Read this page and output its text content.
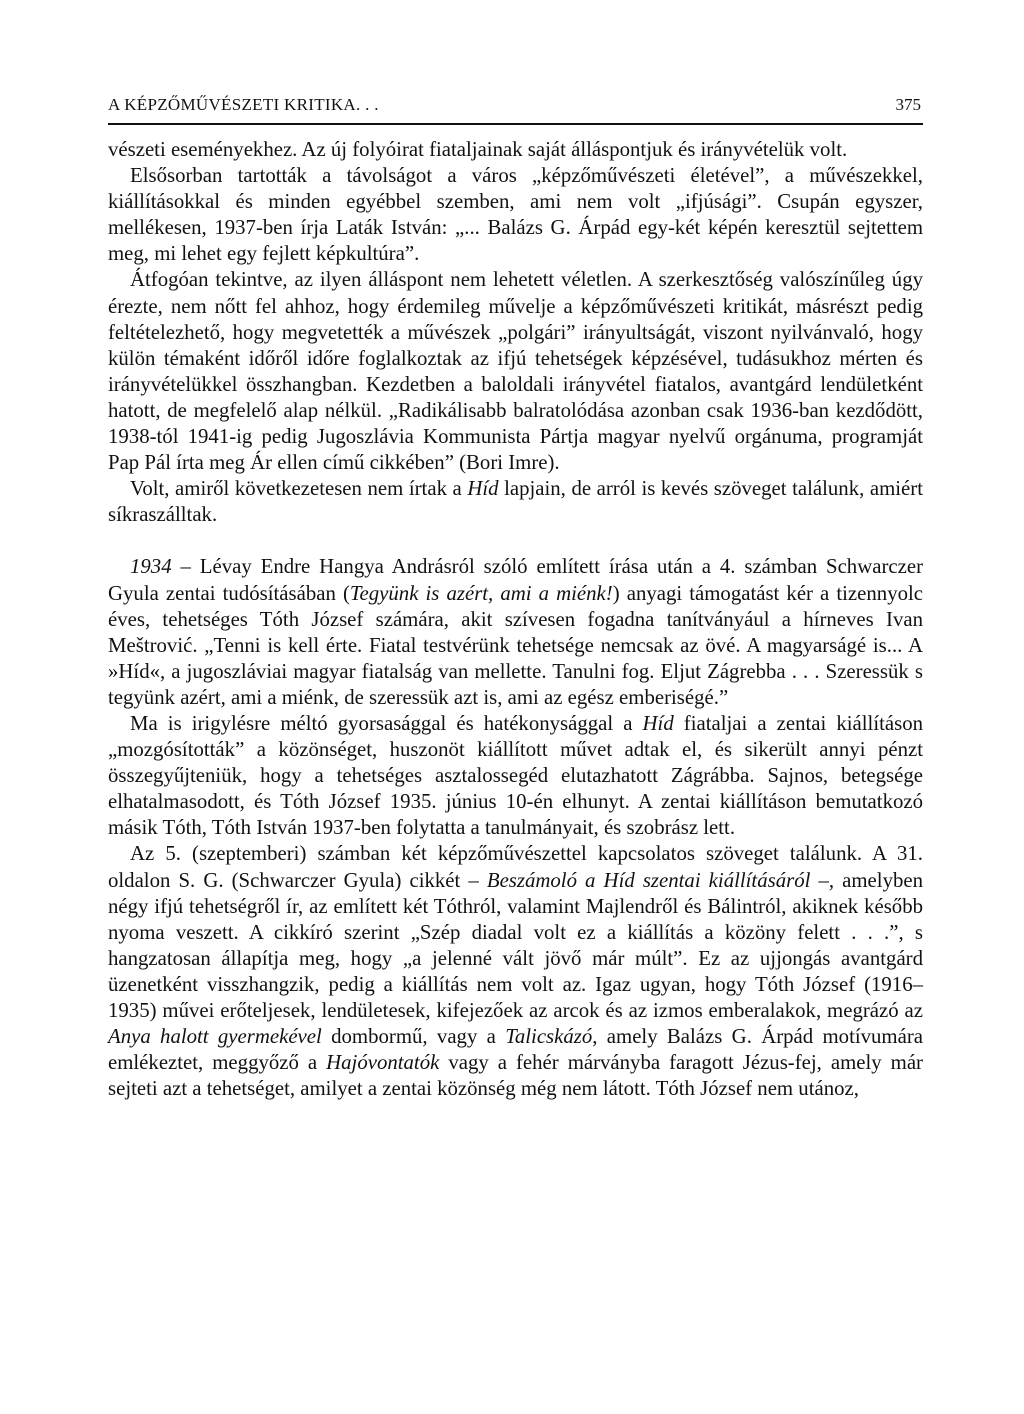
A KÉPZŐMŰVÉSZETI KRITIKA. . .	375

vészeti eseményekhez. Az új folyóirat fiataljainak saját álláspontjuk és irányvételük volt.

Elsősorban tartották a távolságot a város „képzőművészeti életével”, a művészekkel, kiállításokkal és minden egyébbel szemben, ami nem volt „ifjúsági”. Csupán egyszer, mellékesen, 1937-ben írja Laták István: „... Balázs G. Árpád egy-két képén keresztül sejtettem meg, mi lehet egy fejlett képkultúra”.

Átfogóan tekintve, az ilyen álláspont nem lehetett véletlen. A szerkesztőség valószínűleg úgy érezte, nem nőtt fel ahhoz, hogy érdemileg művelje a képzőművészeti kritikát, másrészt pedig feltételezhető, hogy megvetették a művészek „polgári” irányultságát, viszont nyilvánvaló, hogy külön témaként időről időre foglalkoztak az ifjú tehetségek képzésével, tudásukhoz mérten és irányvételükkel összhangban. Kezdetben a baloldali irányvétel fiatalos, avantgárd lendületként hatott, de megfelelő alap nélkül. „Radikálisabb balratolódása azonban csak 1936-ban kezdődött, 1938-tól 1941-ig pedig Jugoszlávia Kommunista Pártja magyar nyelvű orgánuma, programját Pap Pál írta meg Ár ellen című cikkében” (Bori Imre).

Volt, amiről következetesen nem írtak a Híd lapjain, de arról is kevés szöveget találunk, amiért síkraszálltak.

1934 – Lévay Endre Hangya Andrásról szóló említett írása után a 4. számban Schwarczer Gyula zentai tudósításában (Tegyünk is azért, ami a miénk!) anyagi támogatást kér a tizennyolc éves, tehetséges Tóth József számára, akit szívesen fogadna tanítványául a hírneves Ivan Meštrović. „Tenni is kell érte. Fiatal testvérünk tehetsége nemcsak az övé. A magyarságé is... A »Híd«, a jugoszláviai magyar fiatalság van mellette. Tanulni fog. Eljut Zágrebba . . . Szeressük s tegyünk azért, ami a miénk, de szeressük azt is, ami az egész emberiségé.”

Ma is irigylésre méltó gyorsasággal és hatékonysággal a Híd fiataljai a zentai kiállításon „mozgósították” a közönséget, huszonöt kiállított művet adtak el, és sikerült annyi pénzt összegyűjteniük, hogy a tehetséges asztalossegéd elutazhatott Zágrábba. Sajnos, betegsége elhatalmasodott, és Tóth József 1935. június 10-én elhunyt. A zentai kiállításon bemutatkozó másik Tóth, Tóth István 1937-ben folytatta a tanulmányait, és szobrász lett.

Az 5. (szeptemberi) számban két képzőművészettel kapcsolatos szöveget találunk. A 31. oldalon S. G. (Schwarczer Gyula) cikkét – Beszámoló a Híd szentai kiállításáról –, amelyben négy ifjú tehetségről ír, az említett két Tóthról, valamint Majlendről és Bálintról, akiknek később nyoma veszett. A cikkíró szerint „Szép diadal volt ez a kiállítás a közöny felett . . .”, s hangzatosan állapítja meg, hogy „a jelenné vált jövő már múlt”. Ez az ujjongás avantgárd üzenetként visszhangzik, pedig a kiállítás nem volt az. Igaz ugyan, hogy Tóth József (1916–1935) művei erőteljesek, lendületesek, kifejezőek az arcok és az izmos emberalakok, megrázó az Anya halott gyermekével dombormű, vagy a Talicskázó, amely Balázs G. Árpád motívumára emlékeztet, meggyőző a Hajóvontatók vagy a fehér márványba faragott Jézus-fej, amely már sejteti azt a tehetséget, amilyet a zentai közönség még nem látott. Tóth József nem utánoz,
